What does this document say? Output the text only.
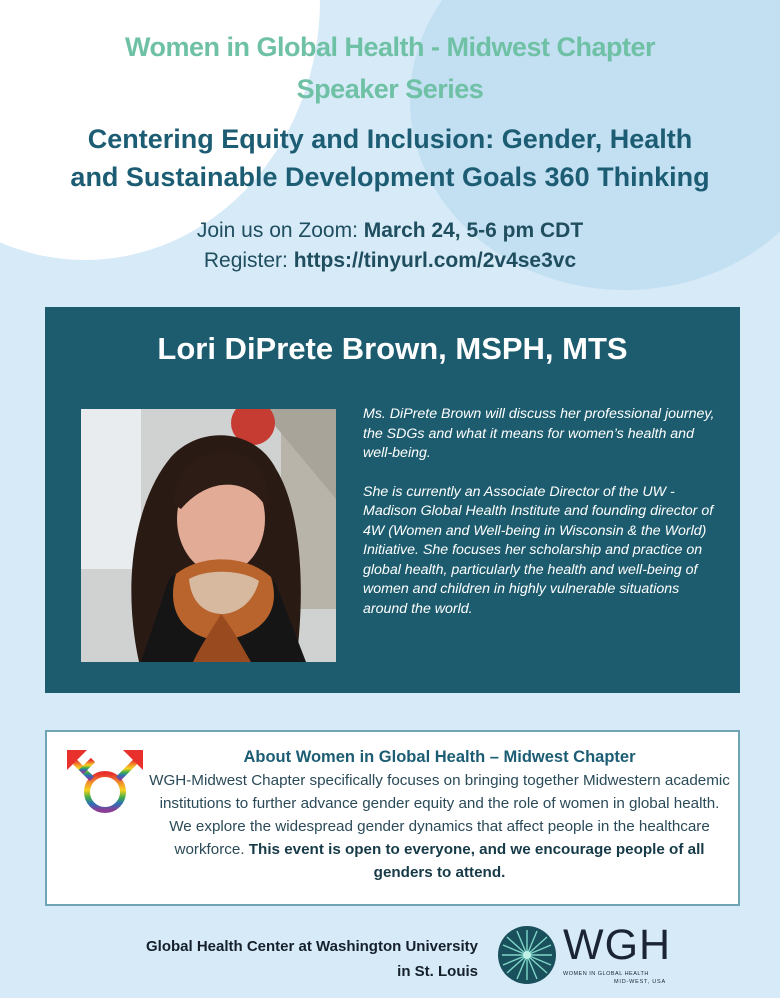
Women in Global Health - Midwest Chapter
Speaker Series
Centering Equity and Inclusion: Gender, Health
and Sustainable Development Goals 360 Thinking
Join us on Zoom: March 24, 5-6 pm CDT
Register: https://tinyurl.com/2v4se3vc
Lori DiPrete Brown, MSPH, MTS

Ms. DiPrete Brown will discuss her professional journey, the SDGs and what it means for women’s health and well-being.

She is currently an Associate Director of the UW - Madison Global Health Institute and founding director of 4W (Women and Well-being in Wisconsin & the World) Initiative. She focuses her scholarship and practice on global health, particularly the health and well-being of women and children in highly vulnerable situations around the world.

About Women in Global Health – Midwest Chapter
WGH-Midwest Chapter specifically focuses on bringing together Midwestern academic institutions to further advance gender equity and the role of women in global health. We explore the widespread gender dynamics that affect people in the healthcare workforce. This event is open to everyone, and we encourage people of all genders to attend.
Global Health Center at Washington University
in St. Louis
WGH
WOMEN IN GLOBAL HEALTH
MID-WEST, USA
